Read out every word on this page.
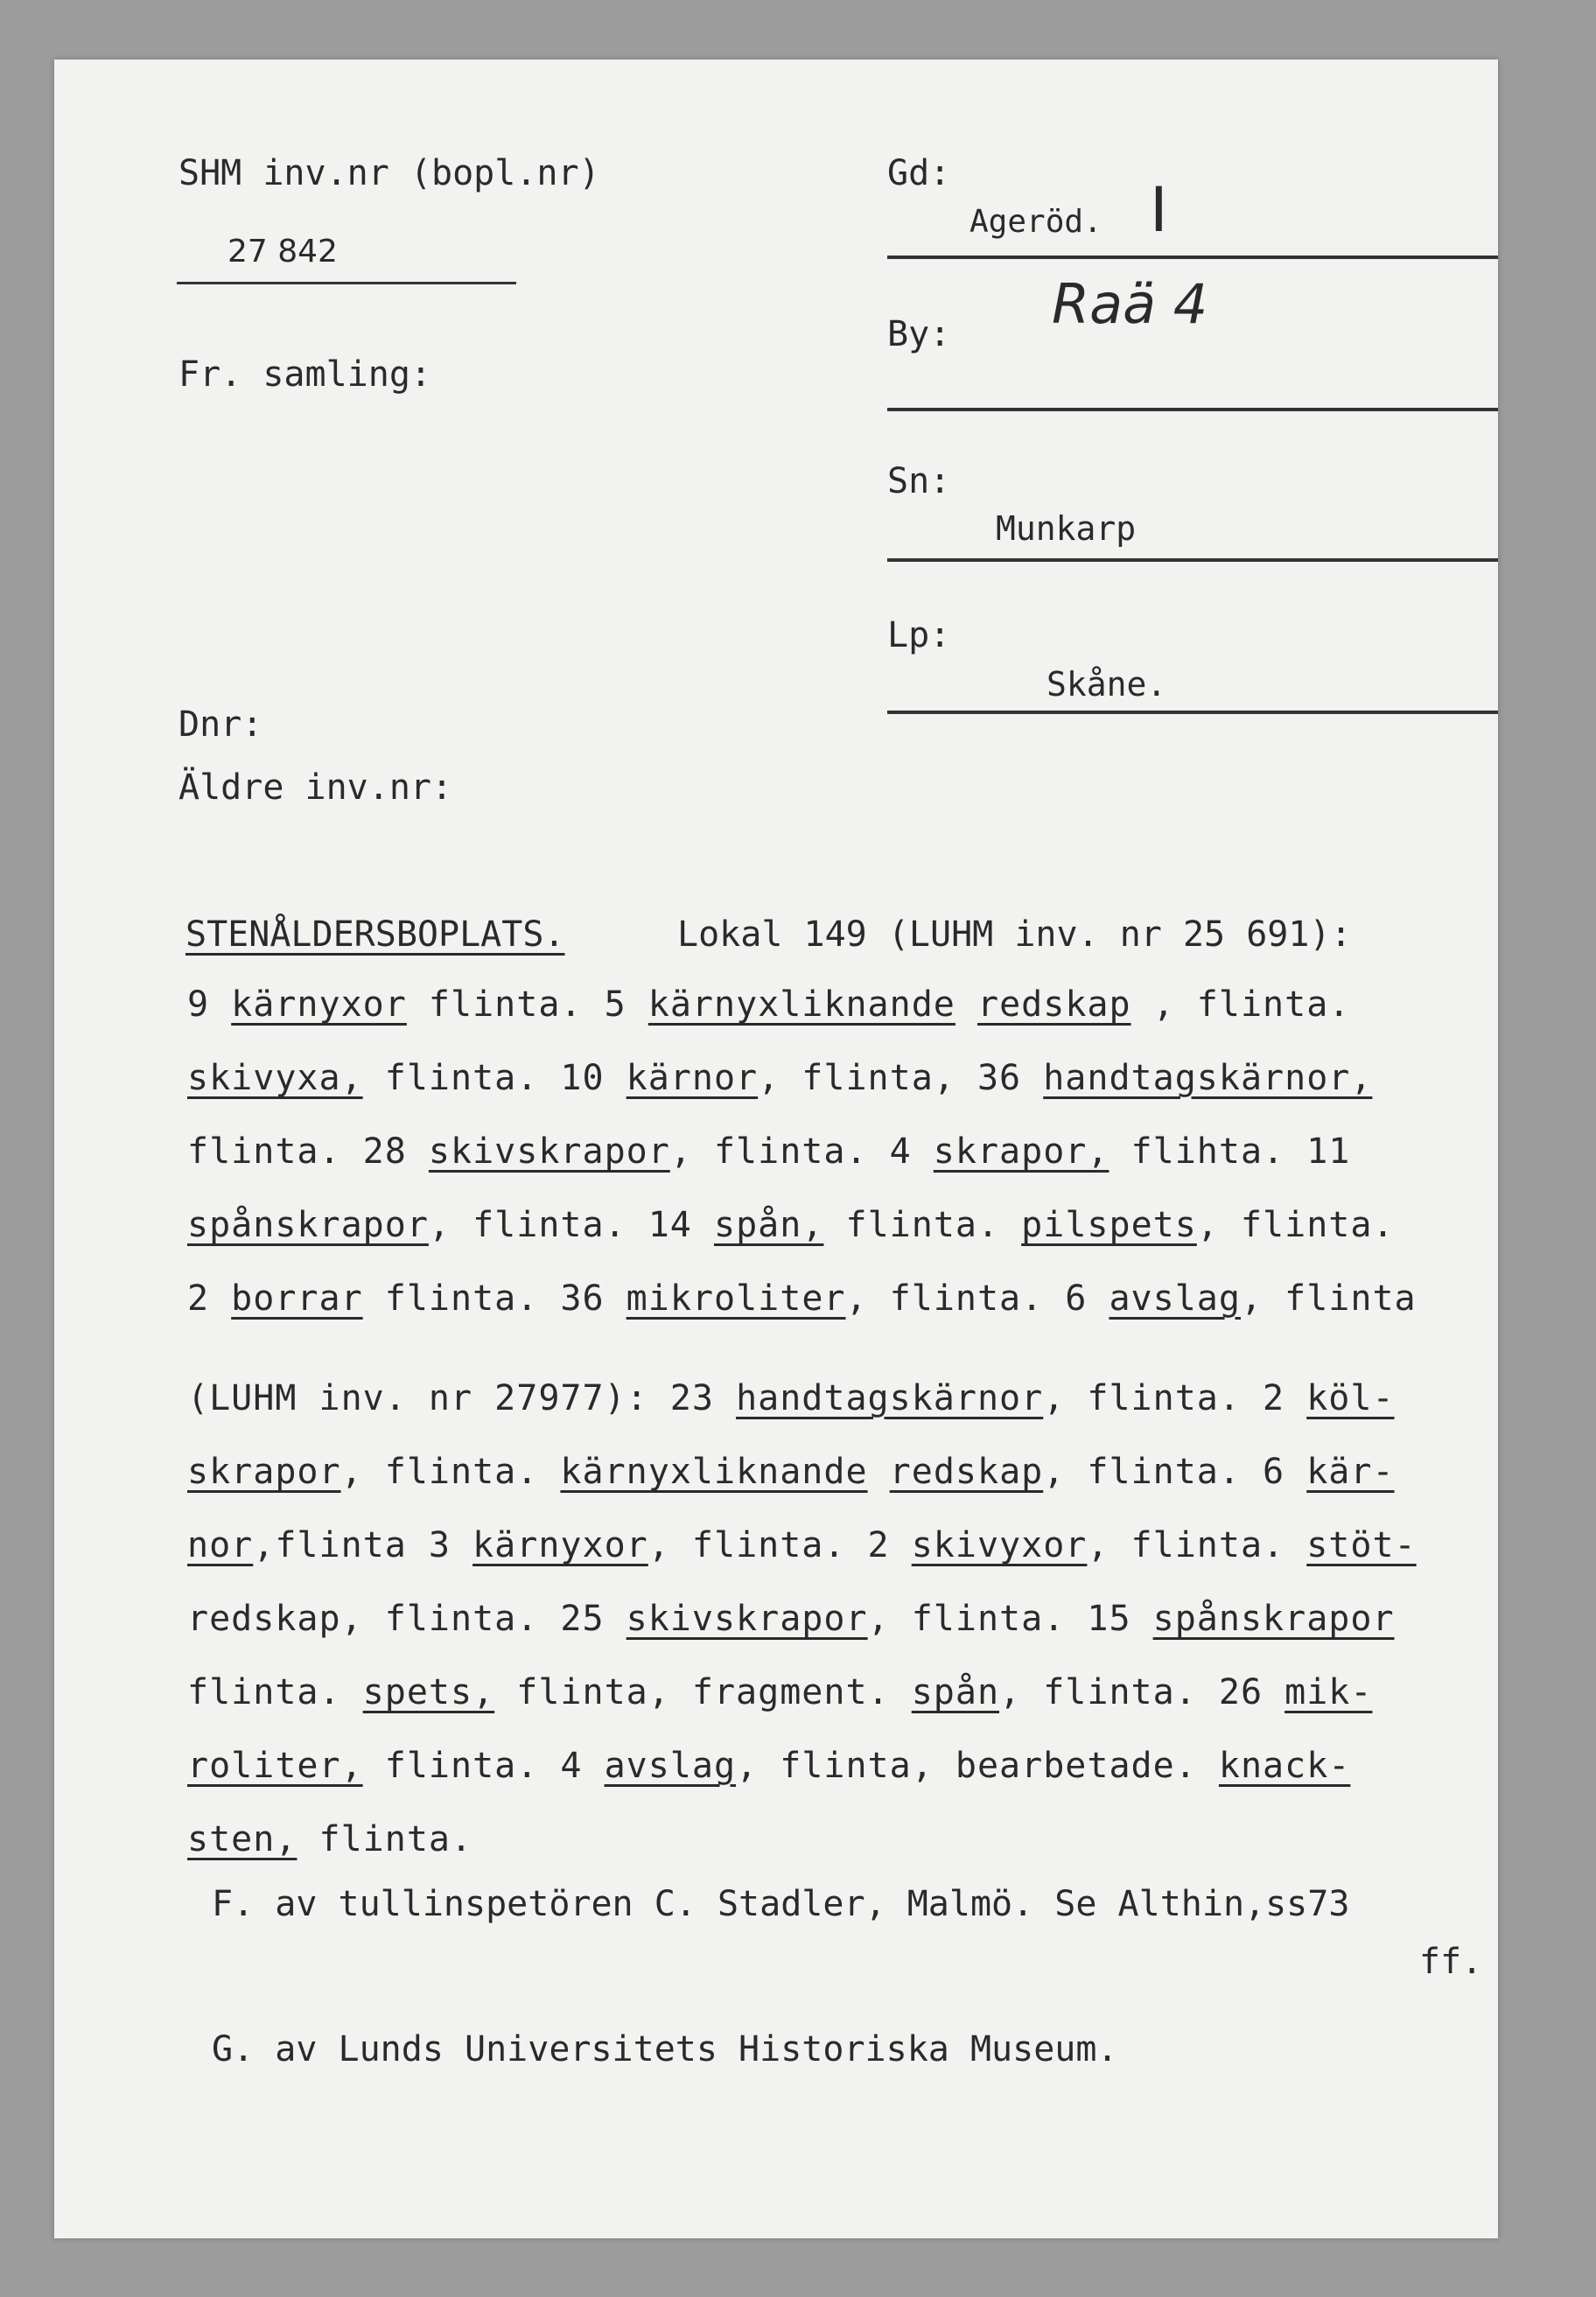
SHM inv.nr (bopl.nr)
27 842
Fr. samling:
Dnr:
Äldre inv.nr:
Gd:
Ageröd. I
Raä 4
By:
Sn:
Munkarp
Lp:
Skåne.
STENÅLDERSBOPLATS.	Lokal 149 (LUHM inv. nr 25 691):
9 kärnyxor flinta. 5 kärnyxliknande redskap , flinta.
skivyxa, flinta. 10 kärnor, flinta, 36 handtagskärnor,
flinta. 28 skivskrapor, flinta. 4 skrapor, flihta. 11
spånskrapor, flinta. 14 spån, flinta. pilspets, flinta.
2 borrar flinta. 36 mikroliter, flinta. 6 avslag, flinta
(LUHM inv. nr 27977): 23 handtagskärnor, flinta. 2 köl-
skrapor, flinta. kärnyxliknande redskap, flinta. 6 kär-
nor,flinta 3 kärnyxor, flinta. 2 skivyxor, flinta. stöt-
redskap, flinta. 25 skivskrapor, flinta. 15 spånskrapor
flinta. spets, flinta, fragment. spån, flinta. 26 mik-
roliter, flinta. 4 avslag, flinta, bearbetade. knack-
sten, flinta.
F. av tullinspetören C. Stadler, Malmö. Se Althin,ss73
ff.
G. av Lunds Universitets Historiska Museum.
